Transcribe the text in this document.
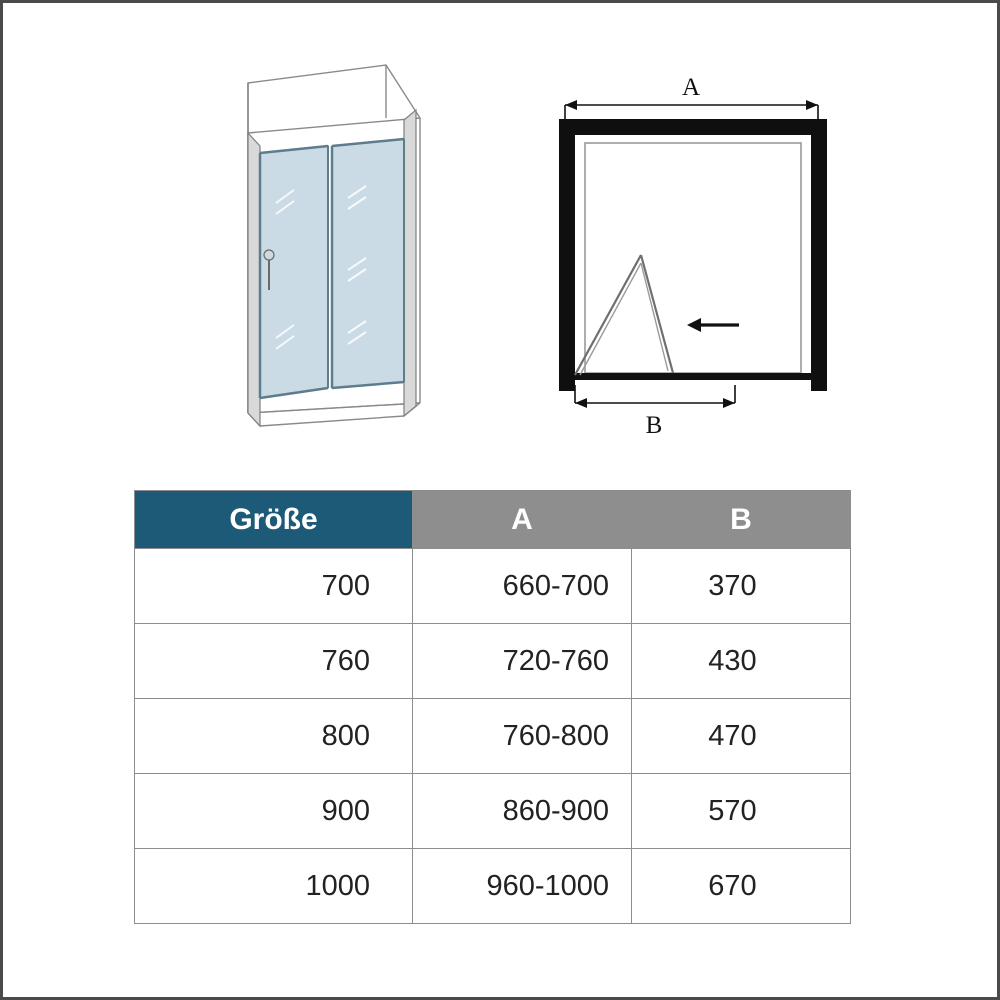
A
B
Größe	A	B
700	660-700	370
760	720-760	430
800	760-800	470
900	860-900	570
1000	960-1000	670
